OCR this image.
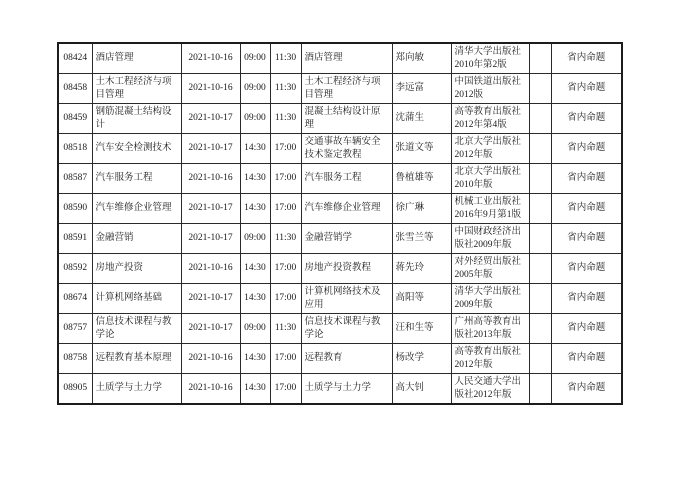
08424	酒店管理	2021-10-16	09:00	11:30	酒店管理	郑向敏	清华大学出版社2010年第2版		省内命题
08458	土木工程经济与项目管理	2021-10-16	09:00	11:30	土木工程经济与项目管理	李远富	中国铁道出版社2012版		省内命题
08459	钢筋混凝土结构设计	2021-10-17	09:00	11:30	混凝土结构设计原理	沈蒲生	高等教育出版社2012年第4版		省内命题
08518	汽车安全检测技术	2021-10-17	14:30	17:00	交通事故车辆安全技术鉴定教程	张道文等	北京大学出版社2012年版		省内命题
08587	汽车服务工程	2021-10-16	14:30	17:00	汽车服务工程	鲁植雄等	北京大学出版社2010年版		省内命题
08590	汽车维修企业管理	2021-10-17	14:30	17:00	汽车维修企业管理	徐广琳	机械工业出版社2016年9月第1版		省内命题
08591	金融营销	2021-10-17	09:00	11:30	金融营销学	张雪兰等	中国财政经济出版社2009年版		省内命题
08592	房地产投资	2021-10-16	14:30	17:00	房地产投资教程	蒋先玲	对外经贸出版社2005年版		省内命题
08674	计算机网络基础	2021-10-17	14:30	17:00	计算机网络技术及应用	高阳等	清华大学出版社2009年版		省内命题
08757	信息技术课程与教学论	2021-10-17	09:00	11:30	信息技术课程与教学论	汪和生等	广州高等教育出版社2013年版		省内命题
08758	远程教育基本原理	2021-10-16	14:30	17:00	远程教育	杨改学	高等教育出版社2012年版		省内命题
08905	土质学与土力学	2021-10-16	14:30	17:00	土质学与土力学	高大钊	人民交通大学出版社2012年版		省内命题
